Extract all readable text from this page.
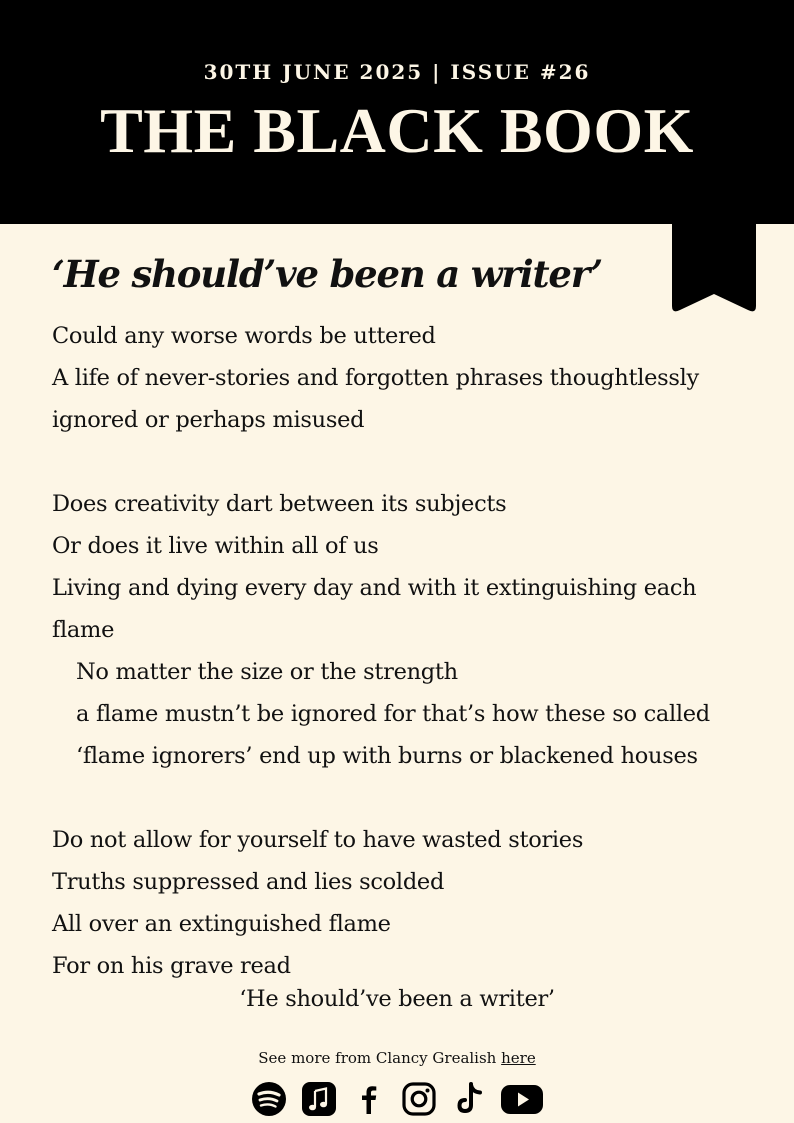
30TH JUNE 2025 | ISSUE #26
THE BLACK BOOK
‘He should’ve been a writer’
Could any worse words be uttered
A life of never-stories and forgotten phrases thoughtlessly
ignored or perhaps misused
Does creativity dart between its subjects
Or does it live within all of us
Living and dying every day and with it extinguishing each
flame
No matter the size or the strength
a flame mustn’t be ignored for that’s how these so called
‘flame ignorers’ end up with burns or blackened houses
Do not allow for yourself to have wasted stories
Truths suppressed and lies scolded
All over an extinguished flame
For on his grave read
‘He should’ve been a writer’
See more from Clancy Grealish here
